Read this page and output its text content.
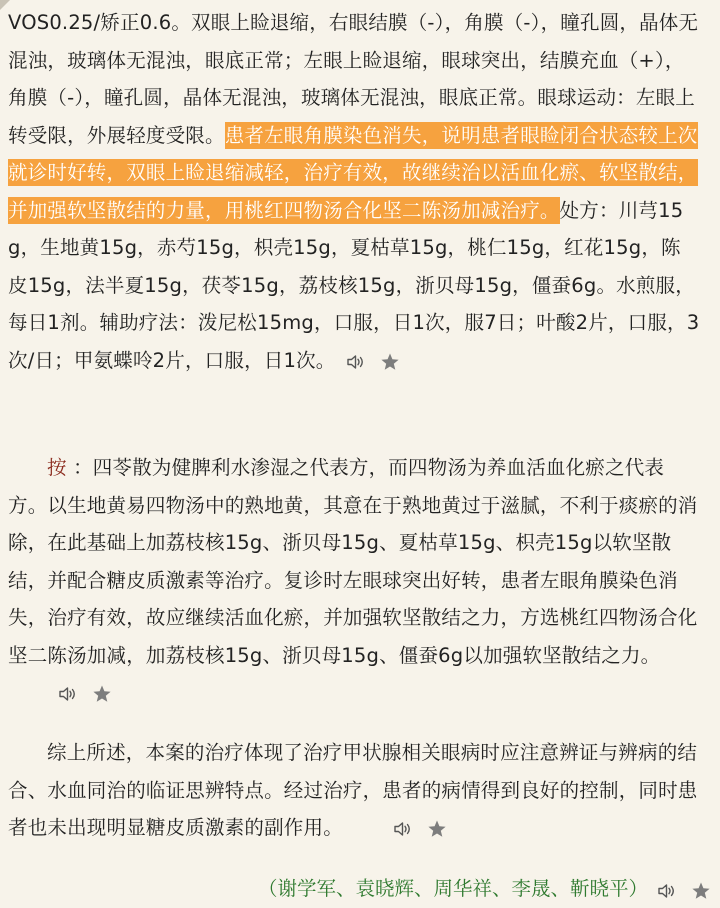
VOS0.25/矫正0.6。双眼上睑退缩，右眼结膜（-），角膜（-），瞳孔圆，晶体无混浊，玻璃体无混浊，眼底正常；左眼上睑退缩，眼球突出，结膜充血（+），角膜（-），瞳孔圆，晶体无混浊，玻璃体无混浊，眼底正常。眼球运动：左眼上转受限，外展轻度受限。患者左眼角膜染色消失，说明患者眼睑闭合状态较上次就诊时好转，双眼上睑退缩减轻，治疗有效，故继续治以活血化瘀、软坚散结，并加强软坚散结的力量，用桃红四物汤合化坚二陈汤加减治疗。处方：川芎15g，生地黄15g，赤芍15g，枳壳15g，夏枯草15g，桃仁15g，红花15g，陈皮15g，法半夏15g，茯苓15g，荔枝核15g，浙贝母15g，僵蚕6g。水煎服，每日1剂。辅助疗法：泼尼松15mg，口服，日1次，服7日；叶酸2片，口服，3次/日；甲氨蝶呤2片，口服，日1次。
按 ：四苓散为健脾利水渗湿之代表方，而四物汤为养血活血化瘀之代表方。以生地黄易四物汤中的熟地黄，其意在于熟地黄过于滋腻，不利于痰瘀的消除，在此基础上加荔枝核15g、浙贝母15g、夏枯草15g、枳壳15g以软坚散结，并配合糖皮质激素等治疗。复诊时左眼球突出好转，患者左眼角膜染色消失，治疗有效，故应继续活血化瘀，并加强软坚散结之力，方选桃红四物汤合化坚二陈汤加减，加荔枝核15g、浙贝母15g、僵蚕6g以加强软坚散结之力。
综上所述，本案的治疗体现了治疗甲状腺相关眼病时应注意辨证与辨病的结合、水血同治的临证思辨特点。经过治疗，患者的病情得到良好的控制，同时患者也未出现明显糖皮质激素的副作用。
（谢学军、袁晓辉、周华祥、李晟、靳晓平）
